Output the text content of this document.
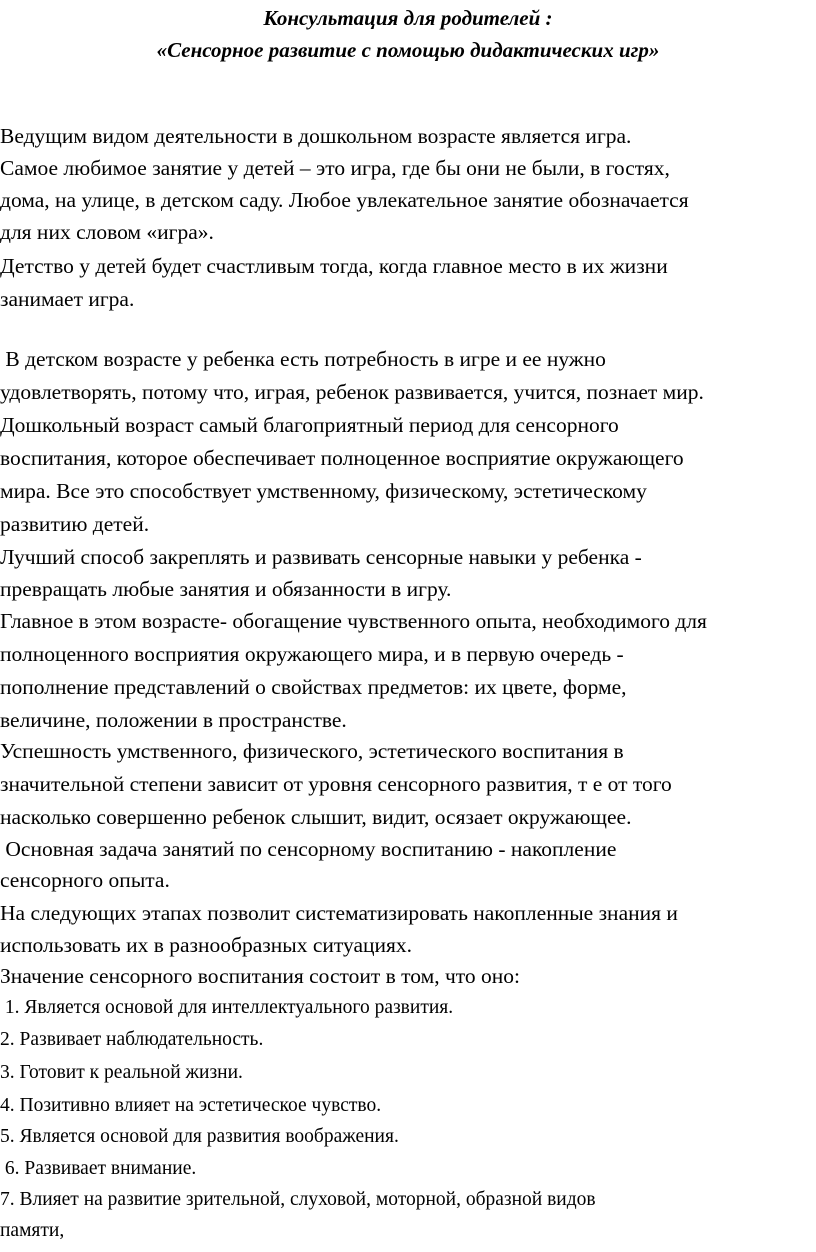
Консультация для родителей :
«Сенсорное развитие с помощью дидактических игр»
Ведущим видом деятельности в дошкольном возрасте является игра.
Самое любимое занятие у детей – это игра, где бы они не были, в гостях,
дома, на улице, в детском саду. Любое увлекательное занятие обозначается
для них словом «игра».
Детство у детей будет счастливым тогда, когда главное место в их жизни
занимает игра.
В детском возрасте у ребенка есть потребность в игре и ее нужно
удовлетворять, потому что, играя, ребенок развивается, учится, познает мир.
Дошкольный возраст самый благоприятный период для сенсорного
воспитания, которое обеспечивает полноценное восприятие окружающего
мира. Все это способствует умственному, физическому, эстетическому
развитию детей.
Лучший способ закреплять и развивать сенсорные навыки у ребенка -
превращать любые занятия и обязанности в игру.
Главное в этом возрасте- обогащение чувственного опыта, необходимого для
полноценного восприятия окружающего мира, и в первую очередь -
пополнение представлений о свойствах предметов: их цвете, форме,
величине, положении в пространстве.
Успешность умственного, физического, эстетического воспитания в
значительной степени зависит от уровня сенсорного развития, т е от того
насколько совершенно ребенок слышит, видит, осязает окружающее.
Основная задача занятий по сенсорному воспитанию - накопление
сенсорного опыта.
На следующих этапах позволит систематизировать накопленные знания и
использовать их в разнообразных ситуациях.
Значение сенсорного воспитания состоит в том, что оно:
1. Является основой для интеллектуального развития.
2. Развивает наблюдательность.
3. Готовит к реальной жизни.
4. Позитивно влияет на эстетическое чувство.
5. Является основой для развития воображения.
6. Развивает внимание.
7. Влияет на развитие зрительной, слуховой, моторной, образной видов
памяти,
